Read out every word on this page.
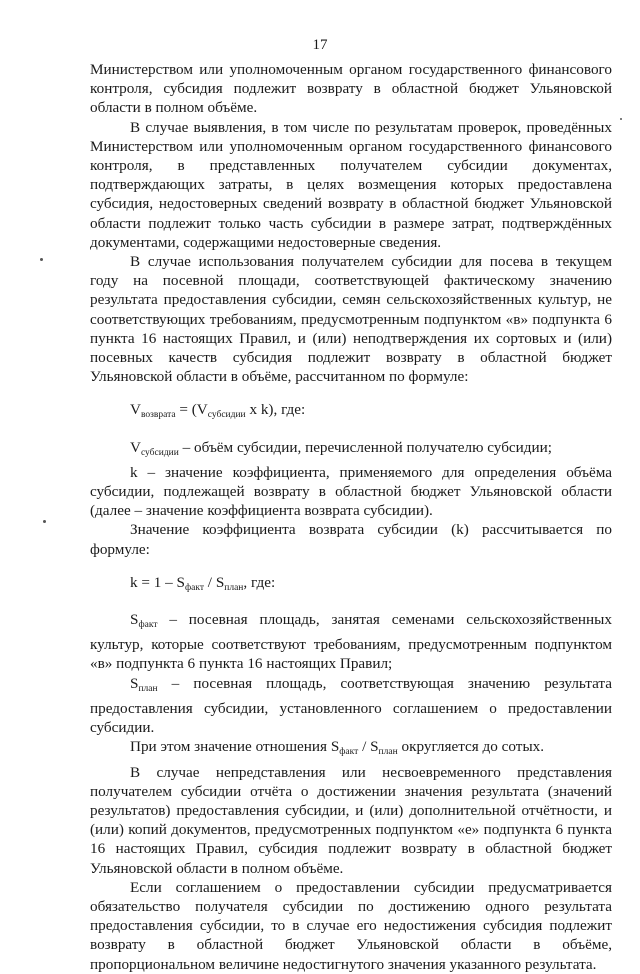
17

Министерством или уполномоченным органом государственного финансового контроля, субсидия подлежит возврату в областной бюджет Ульяновской области в полном объёме.

В случае выявления, в том числе по результатам проверок, проведённых Министерством или уполномоченным органом государственного финансового контроля, в представленных получателем субсидии документах, подтверждающих затраты, в целях возмещения которых предоставлена субсидия, недостоверных сведений возврату в областной бюджет Ульяновской области подлежит только часть субсидии в размере затрат, подтверждённых документами, содержащими недостоверные сведения.

В случае использования получателем субсидии для посева в текущем году на посевной площади, соответствующей фактическому значению результата предоставления субсидии, семян сельскохозяйственных культур, не соответствующих требованиям, предусмотренным подпунктом «в» подпункта 6 пункта 16 настоящих Правил, и (или) неподтверждения их сортовых и (или) посевных качеств субсидия подлежит возврату в областной бюджет Ульяновской области в объёме, рассчитанном по формуле:

$V_{возврата} = (V_{субсидии}$ x k), где:

$V_{субсидии}$ – объём субсидии, перечисленной получателю субсидии;

k – значение коэффициента, применяемого для определения объёма субсидии, подлежащей возврату в областной бюджет Ульяновской области (далее – значение коэффициента возврата субсидии).

Значение коэффициента возврата субсидии (k) рассчитывается по формуле:

$k = 1 - S_{факт} / S_{план}$, где:

$S_{факт}$ – посевная площадь, занятая семенами сельскохозяйственных культур, которые соответствуют требованиям, предусмотренным подпунктом «в» подпункта 6 пункта 16 настоящих Правил;

$S_{план}$ – посевная площадь, соответствующая значению результата предоставления субсидии, установленного соглашением о предоставлении субсидии.

При этом значение отношения $S_{факт} / S_{план}$ округляется до сотых.

В случае непредставления или несвоевременного представления получателем субсидии отчёта о достижении значения результата (значений результатов) предоставления субсидии, и (или) дополнительной отчётности, и (или) копий документов, предусмотренных подпунктом «е» подпункта 6 пункта 16 настоящих Правил, субсидия подлежит возврату в областной бюджет Ульяновской области в полном объёме.

Если соглашением о предоставлении субсидии предусматривается обязательство получателя субсидии по достижению одного результата предоставления субсидии, то в случае его недостижения субсидия подлежит возврату в областной бюджет Ульяновской области в объёме, пропорциональном величине недостигнутого значения указанного результата.
